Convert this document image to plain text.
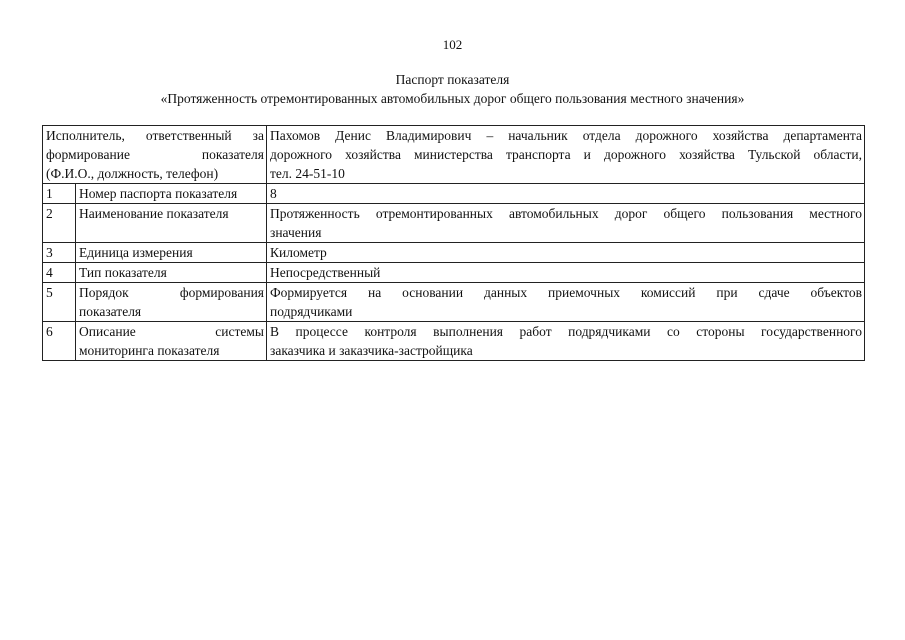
102
Паспорт показателя
«Протяженность отремонтированных автомобильных дорог общего пользования местного значения»
Исполнитель, ответственный за
формирование показателя
(Ф.И.О., должность, телефон)		Пахомов Денис Владимирович – начальник отдела дорожного хозяйства департамента
дорожного хозяйства министерства транспорта и дорожного хозяйства Тульской области,
тел. 24-51-10

1	Номер паспорта показателя	8

2	Наименование показателя	Протяженность отремонтированных автомобильных дорог общего пользования местного
значения

3	Единица измерения	Километр

4	Тип показателя	Непосредственный

5	Порядок формирования
показателя	Формируется на основании данных приемочных комиссий при сдаче объектов
подрядчиками

6	Описание системы
мониторинга показателя	В процессе контроля выполнения работ подрядчиками со стороны государственного
заказчика и заказчика-застройщика
